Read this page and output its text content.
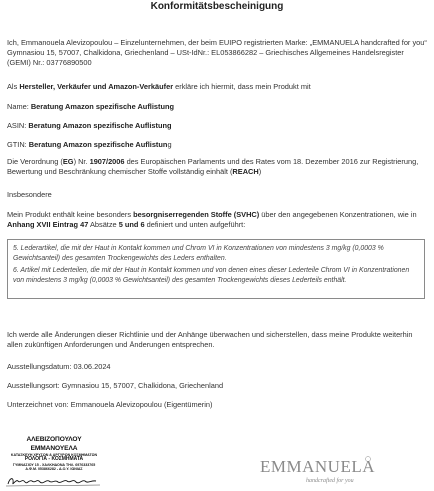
Konformitätsbescheinigung

Ich, Emmanouela Alevizopoulou – Einzelunternehmen, der beim EUIPO registrierten Marke: „EMMANUELA handcrafted for you“ Gymnasiou 15, 57007, Chalkidona, Griechenland – USt-IdNr.: EL053866282 – Griechisches Allgemeines Handelsregister (GEMI) Nr.: 03776890500

Als Hersteller, Verkäufer und Amazon-Verkäufer erkläre ich hiermit, dass mein Produkt mit

Name: Beratung Amazon spezifische Auflistung

ASIN: Beratung Amazon spezifische Auflistung

GTIN: Beratung Amazon spezifische Auflistung

Die Verordnung (EG) Nr. 1907/2006 des Europäischen Parlaments und des Rates vom 18. Dezember 2016 zur Registrierung, Bewertung und Beschränkung chemischer Stoffe vollständig einhält (REACH)

Insbesondere

Mein Produkt enthält keine besonders besorgniserregenden Stoffe (SVHC) über den angegebenen Konzentrationen, wie in Anhang XVII Eintrag 47 Absätze 5 und 6 definiert und unten aufgeführt:

5. Lederartikel, die mit der Haut in Kontakt kommen und Chrom VI in Konzentrationen von mindestens 3 mg/kg (0,0003 % Gewichtsanteil) des gesamten Trockengewichts des Leders enthalten.

6. Artikel mit Lederteilen, die mit der Haut in Kontakt kommen und von denen eines dieser Lederteile Chrom VI in Konzentrationen von mindestens 3 mg/kg (0,0003 % Gewichtsanteil) des gesamten Trockengewichts dieses Lederteils enthält.

Ich werde alle Änderungen dieser Richtlinie und der Anhänge überwachen und sicherstellen, dass meine Produkte weiterhin allen zukünftigen Anforderungen und Änderungen entsprechen.

Ausstellungsdatum: 03.06.2024

Ausstellungsort: Gymnasiou 15, 57007, Chalkidona, Griechenland

Unterzeichnet von: Emmanouela Alevizopoulou (Eigentümerin)

ΑΛΕΒΙΖΟΠΟΥΛΟΥ ΕΜΜΑΝΟΥΕΛΑ
ΚΑΤΑΣΚΕΥΗ ΧΡΥΣΩΝ & ΑΡΓΥΡΩΝ ΚΟΣΜΗΜΑΤΩΝ
ΡΟΛΟΓΙΑ - ΚΟΣΜΗΜΑΤΑ
ΓΥΜΝΑΣΙΟΥ 15 - ΧΑΛΚΗΔΟΝΑ ΤΗΛ. 6976333765
Α.Φ.Μ. 053866282 - Δ.Ο.Υ. ΙΩΝΙΑΣ	EMMANUELA
handcrafted for you
